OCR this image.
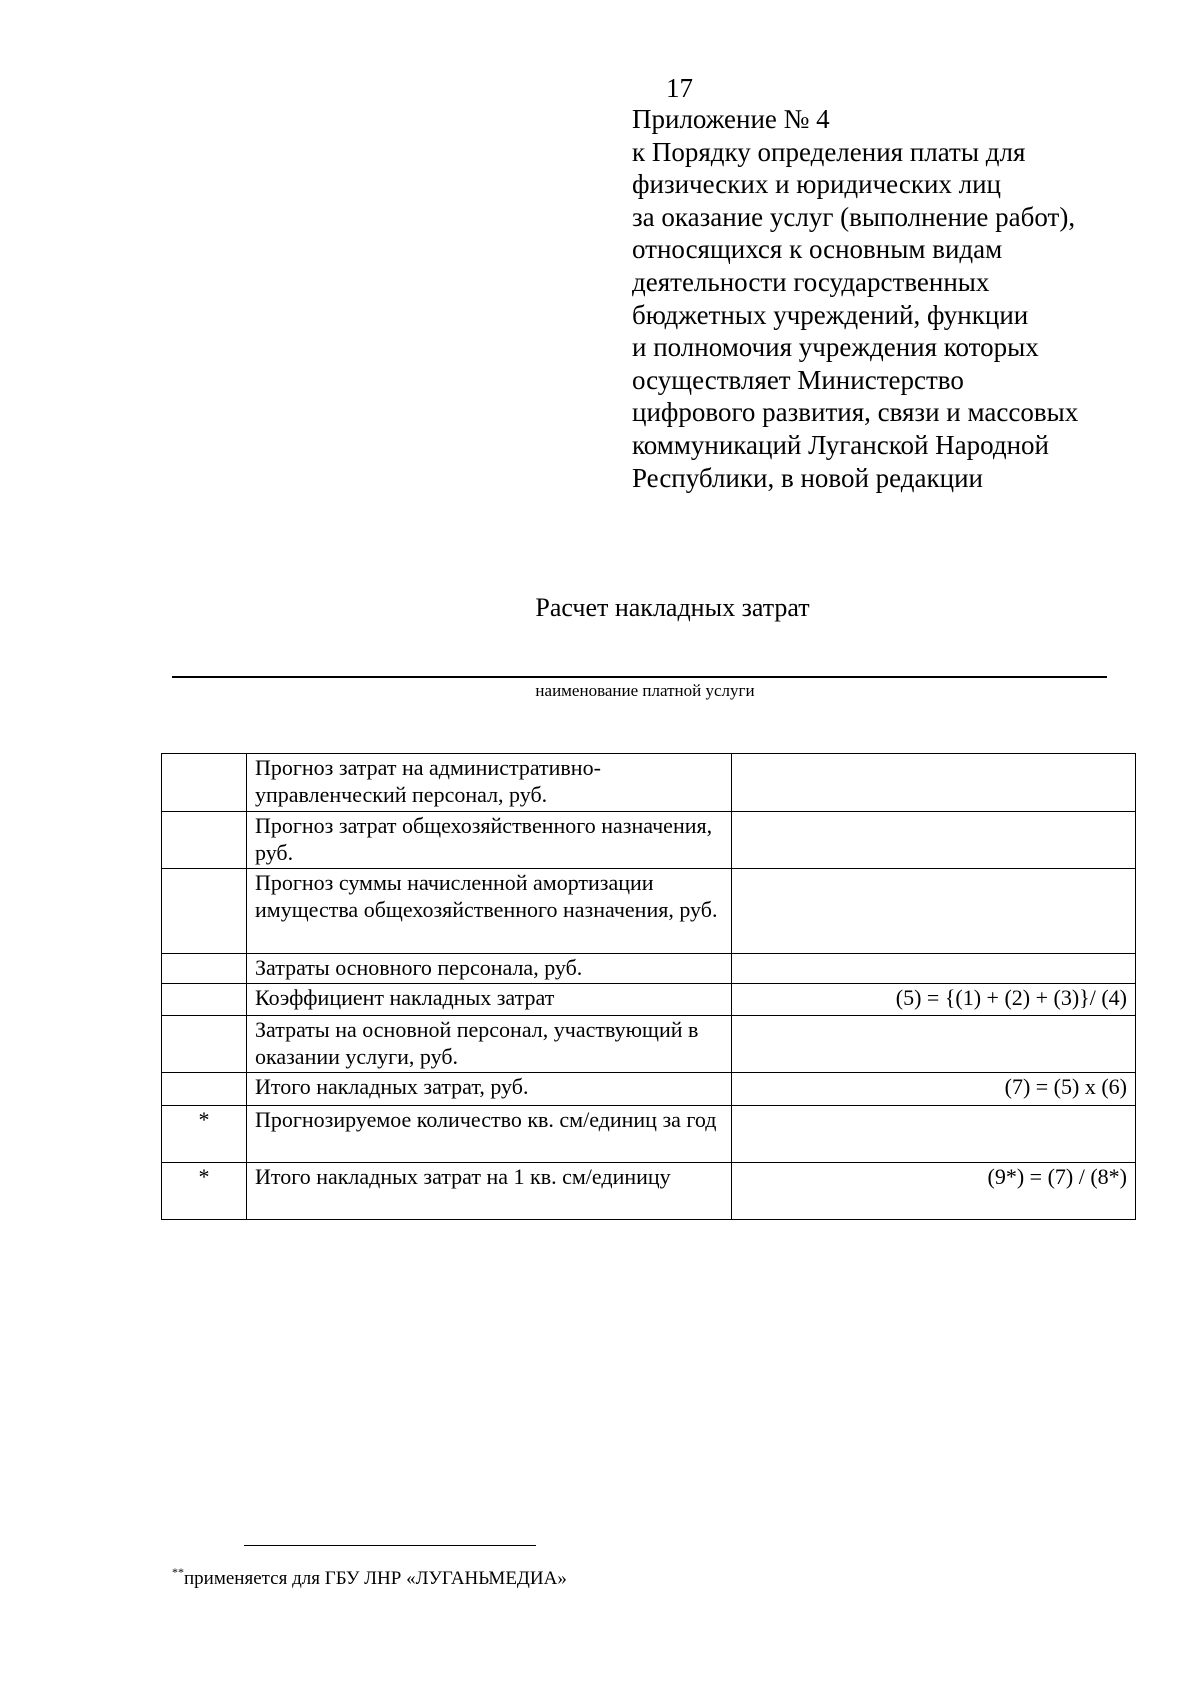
17
Приложение № 4
к Порядку определения платы для
физических и юридических лиц
за оказание услуг (выполнение работ),
относящихся к основным видам
деятельности государственных
бюджетных учреждений, функции
и полномочия учреждения которых
осуществляет Министерство
цифрового развития, связи и массовых
коммуникаций Луганской Народной
Республики, в новой редакции
Расчет накладных затрат
наименование платной услуги
	Прогноз затрат на административно-управленческий персонал, руб.	
	Прогноз затрат общехозяйственного назначения, руб.	
	Прогноз суммы начисленной амортизации имущества общехозяйственного назначения, руб.	
	Затраты основного персонала, руб.	
	Коэффициент накладных затрат	(5) = {(1) + (2) + (3)}/ (4)
	Затраты на основной персонал, участвующий в оказании услуги, руб.	
	Итого накладных затрат, руб.	(7) = (5) х (6)
*	Прогнозируемое количество кв. см/единиц за год	
*	Итого накладных затрат на 1 кв. см/единицу	(9*) = (7) / (8*)
**применяется для ГБУ ЛНР «ЛУГАНЬМЕДИА»
